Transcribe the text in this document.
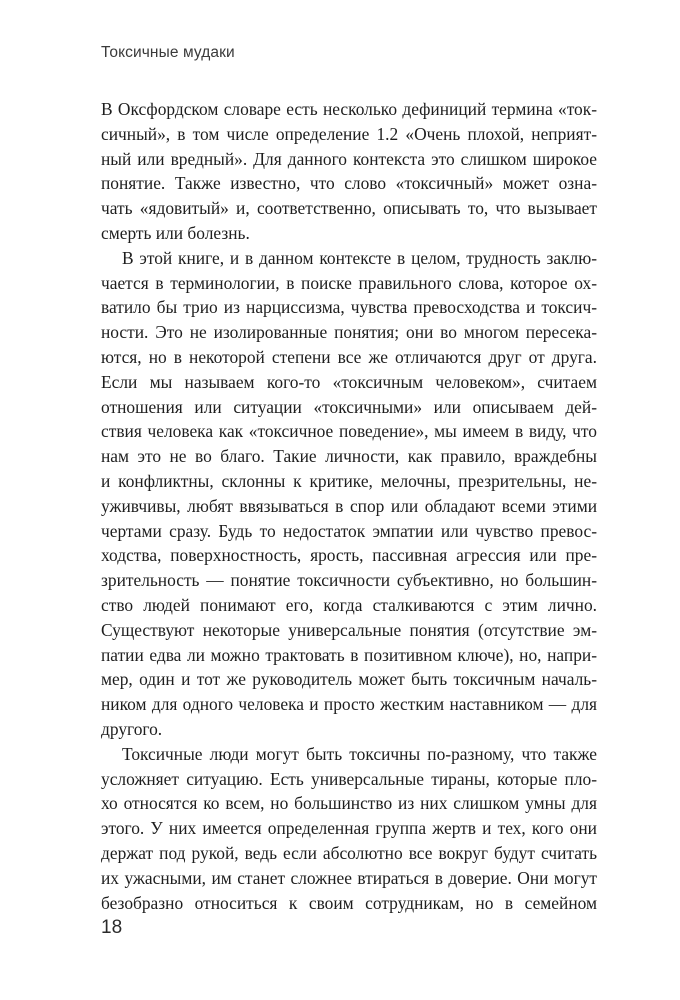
Токсичные мудаки
В Оксфордском словаре есть несколько дефиниций термина «ток-
сичный», в том числе определение 1.2 «Очень плохой, неприят-
ный или вредный». Для данного контекста это слишком широкое
понятие. Также известно, что слово «токсичный» может озна-
чать «ядовитый» и, соответственно, описывать то, что вызывает
смерть или болезнь.
В этой книге, и в данном контексте в целом, трудность заклю-
чается в терминологии, в поиске правильного слова, которое ох-
ватило бы трио из нарциссизма, чувства превосходства и токсич-
ности. Это не изолированные понятия; они во многом пересека-
ются, но в некоторой степени все же отличаются друг от друга.
Если мы называем кого-то «токсичным человеком», считаем
отношения или ситуации «токсичными» или описываем дей-
ствия человека как «токсичное поведение», мы имеем в виду, что
нам это не во благо. Такие личности, как правило, враждебны
и конфликтны, склонны к критике, мелочны, презрительны, не-
уживчивы, любят ввязываться в спор или обладают всеми этими
чертами сразу. Будь то недостаток эмпатии или чувство превос-
ходства, поверхностность, ярость, пассивная агрессия или пре-
зрительность — понятие токсичности субъективно, но большин-
ство людей понимают его, когда сталкиваются с этим лично.
Существуют некоторые универсальные понятия (отсутствие эм-
патии едва ли можно трактовать в позитивном ключе), но, напри-
мер, один и тот же руководитель может быть токсичным началь-
ником для одного человека и просто жестким наставником — для
другого.
Токсичные люди могут быть токсичны по-разному, что также
усложняет ситуацию. Есть универсальные тираны, которые пло-
хо относятся ко всем, но большинство из них слишком умны для
этого. У них имеется определенная группа жертв и тех, кого они
держат под рукой, ведь если абсолютно все вокруг будут считать
их ужасными, им станет сложнее втираться в доверие. Они могут
безобразно относиться к своим сотрудникам, но в семейном
18
